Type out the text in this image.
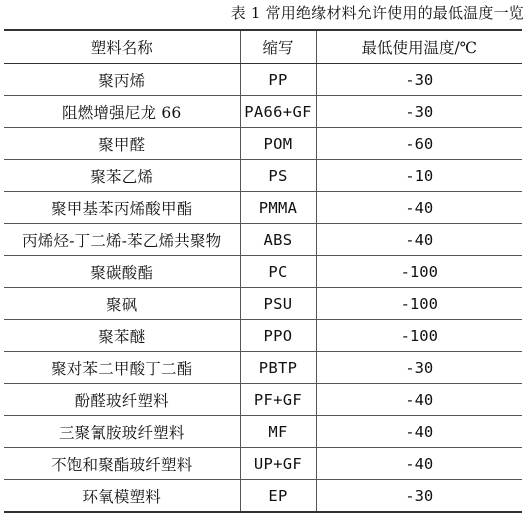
表 1 常用绝缘材料允许使用的最低温度一览
塑料名称	缩写	最低使用温度/℃
聚丙烯	PP	-30
阻燃增强尼龙 66	PA66+GF	-30
聚甲醛	POM	-60
聚苯乙烯	PS	-10
聚甲基苯丙烯酸甲酯	PMMA	-40
丙烯烃-丁二烯-苯乙烯共聚物	ABS	-40
聚碳酸酯	PC	-100
聚砜	PSU	-100
聚苯醚	PPO	-100
聚对苯二甲酸丁二酯	PBTP	-30
酚醛玻纤塑料	PF+GF	-40
三聚氰胺玻纤塑料	MF	-40
不饱和聚酯玻纤塑料	UP+GF	-40
环氧模塑料	EP	-30
